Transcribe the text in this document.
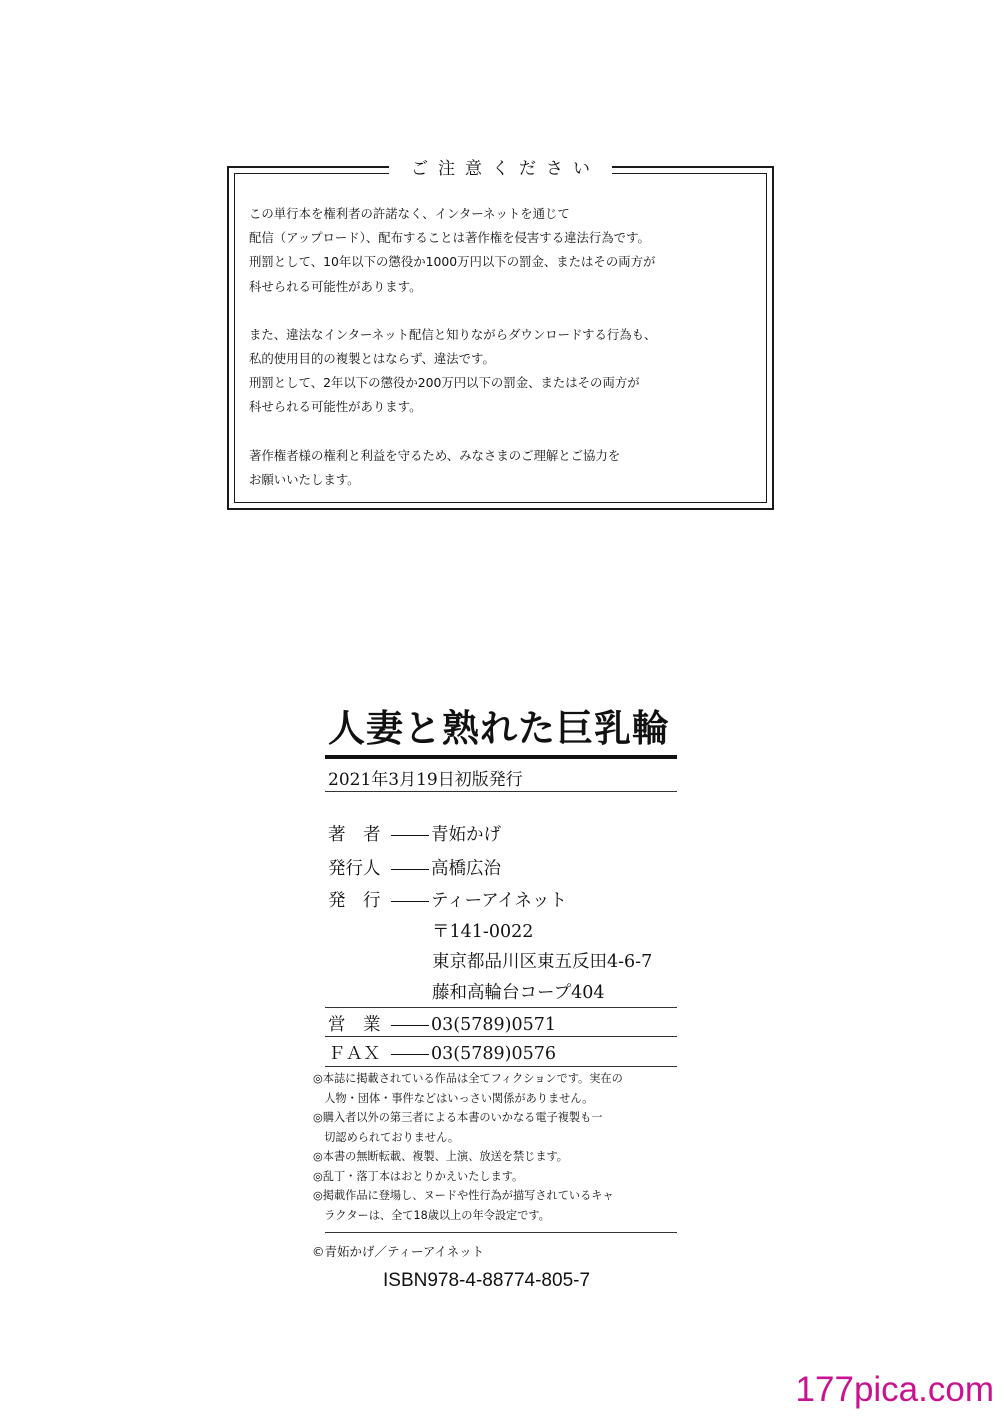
ご注意ください
この単行本を権利者の許諾なく、インターネットを通じて
配信（アップロード）、配布することは著作権を侵害する違法行為です。
刑罰として、10年以下の懲役か1000万円以下の罰金、またはその両方が
科せられる可能性があります。
また、違法なインターネット配信と知りながらダウンロードする行為も、
私的使用目的の複製とはならず、違法です。
刑罰として、2年以下の懲役か200万円以下の罰金、またはその両方が
科せられる可能性があります。
著作権者様の権利と利益を守るため、みなさまのご理解とご協力を
お願いいたします。
人妻と熟れた巨乳輪
2021年3月19日初版発行
著　者	青妬かげ
発行人	高橋広治
発　行	ティーアイネット
〒141-0022
東京都品川区東五反田4-6-7
藤和高輪台コープ404
営　業	03(5789)0571
ＦＡＸ	03(5789)0576
◎本誌に掲載されている作品は全てフィクションです。実在の
　人物・団体・事件などはいっさい関係がありません。
◎購入者以外の第三者による本書のいかなる電子複製も一
　切認められておりません。
◎本書の無断転載、複製、上演、放送を禁じます。
◎乱丁・落丁本はおとりかえいたします。
◎掲載作品に登場し、ヌードや性行為が描写されているキャ
　ラクターは、全て18歳以上の年令設定です。
©青妬かげ／ティーアイネット
ISBN978-4-88774-805-7
177pica.com
